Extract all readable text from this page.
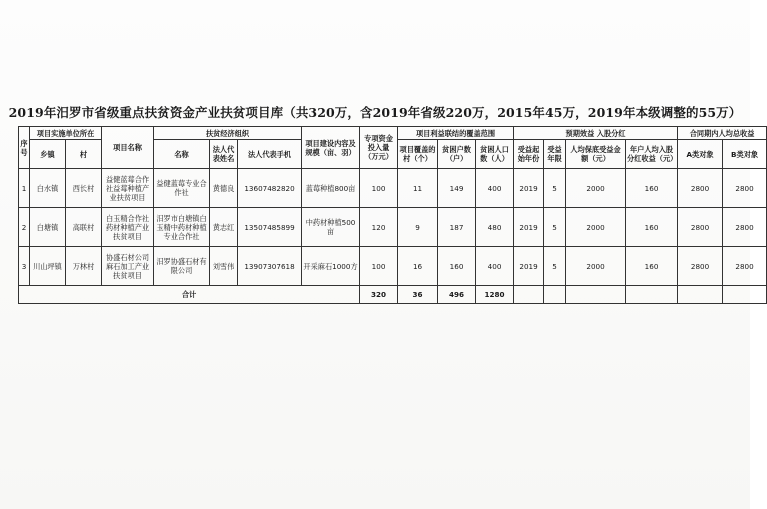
2019年汨罗市省级重点扶贫资金产业扶贫项目库（共320万，含2019年省级220万，2015年45万，2019年本级调整的55万）
序号	项目实施单位所在		项目名称	扶贫经济组织			项目建设内容及规模（亩、羽）	专项资金投入量（万元）	项目利益联结的覆盖范围			预期效益 入股分红				合同期内人均总收益	
	乡镇	村		名称	法人代表姓名	法人代表手机			项目覆盖的村（个）	贫困户数（户）	贫困人口数（人）	受益起始年份	受益年限	人均保底受益金额（元）	年户人均入股分红收益（元）	A类对象	B类对象
1	白水镇	西长村	益健蓝莓合作社益莓种植产业扶贫项目	益健蓝莓专业合作社	黄德良	13607482820	蓝莓种植800亩	100	11	149	400	2019	5	2000	160	2800	2800
2	白塘镇	高联村	白玉精合作社药材种植产业扶贫项目	汨罗市白塘镇白玉精中药材种植专业合作社	黄志红	13507485899	中药材种植500亩	120	9	187	480	2019	5	2000	160	2800	2800
3	川山坪镇	万林村	协盛石材公司麻石加工产业扶贫项目	汨罗协盛石材有限公司	刘雪伟	13907307618	开采麻石1000方	100	16	160	400	2019	5	2000	160	2800	2800
合计								320	36	496	1280						
